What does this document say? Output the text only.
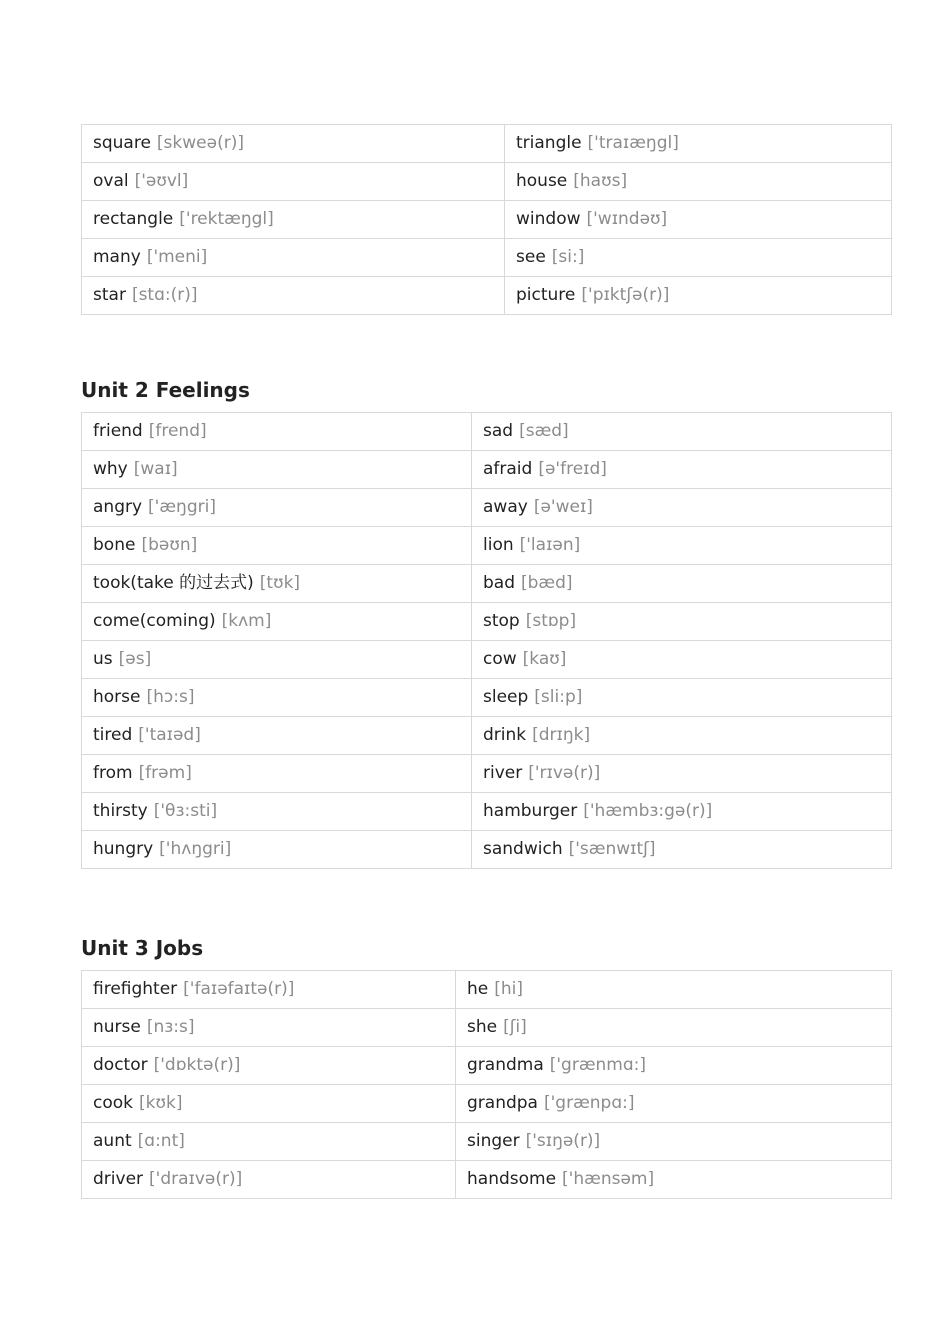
square [skweə(r)]	triangle ['traɪæŋgl]
oval ['əʊvl]	house [haʊs]
rectangle ['rektæŋgl]	window ['wɪndəʊ]
many ['meni]	see [si:]
star [stɑ:(r)]	picture ['pɪktʃə(r)]
Unit 2 Feelings
friend [frend]	sad [sæd]
why [waɪ]	afraid [ə'freɪd]
angry ['æŋgri]	away [ə'weɪ]
bone [bəʊn]	lion ['laɪən]
took(take 的过去式) [tʊk]	bad [bæd]
come(coming) [kʌm]	stop [stɒp]
us [əs]	cow [kaʊ]
horse [hɔ:s]	sleep [sli:p]
tired ['taɪəd]	drink [drɪŋk]
from [frəm]	river ['rɪvə(r)]
thirsty ['θɜ:sti]	hamburger ['hæmbɜ:gə(r)]
hungry ['hʌŋgri]	sandwich ['sænwɪtʃ]
Unit 3 Jobs
firefighter ['faɪəfaɪtə(r)]	he [hi]
nurse [nɜ:s]	she [ʃi]
doctor ['dɒktə(r)]	grandma ['grænmɑ:]
cook [kʊk]	grandpa ['grænpɑ:]
aunt [ɑ:nt]	singer ['sɪŋə(r)]
driver ['draɪvə(r)]	handsome ['hænsəm]
